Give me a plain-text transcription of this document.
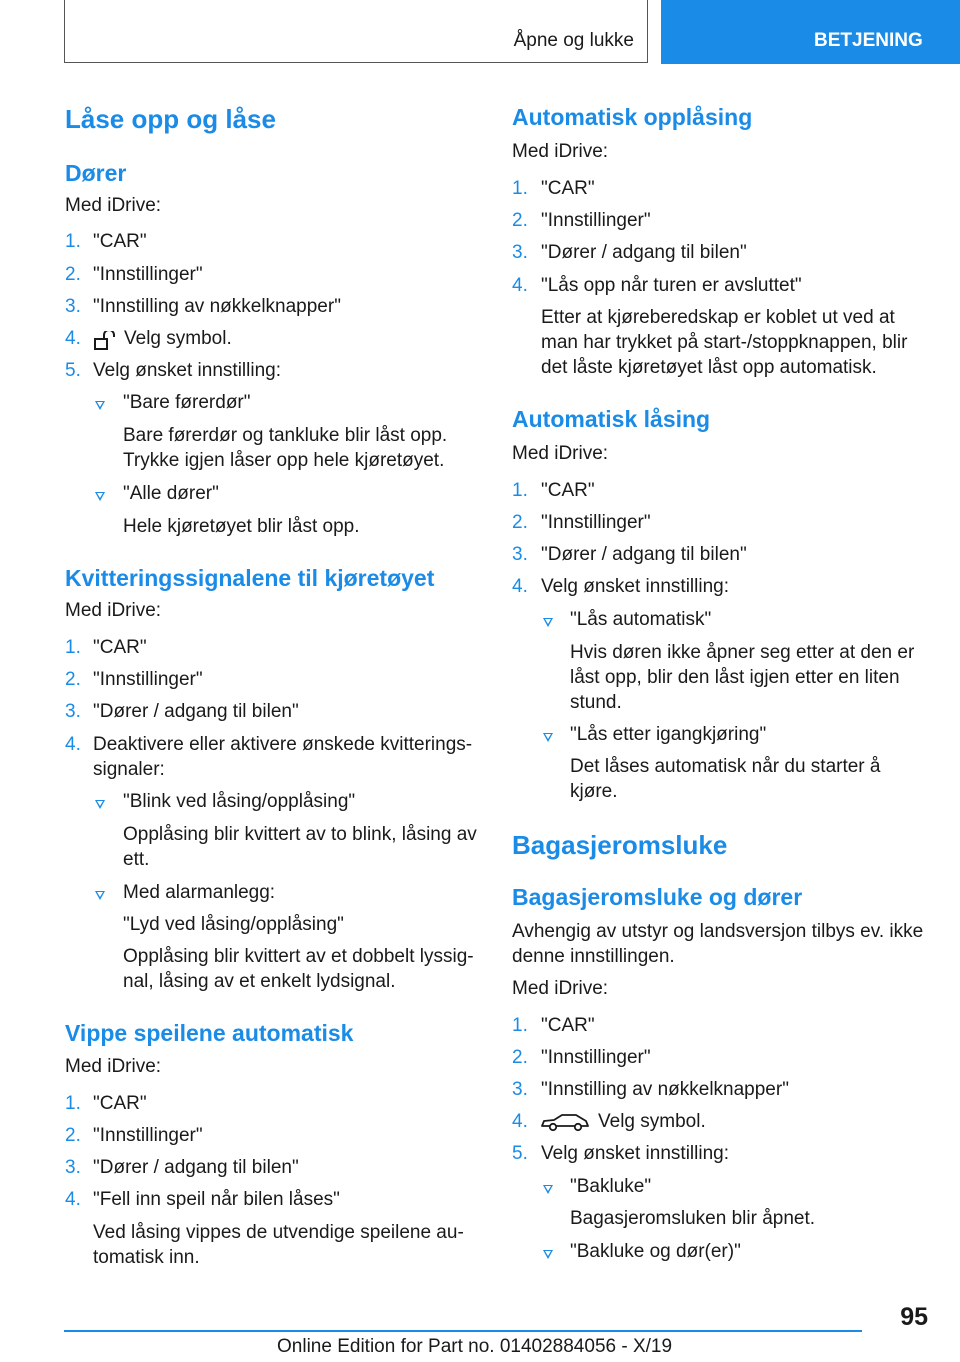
Åpne og lukke	BETJENING
Låse opp og låse
Dører
Med iDrive:
1. "CAR"
2. "Innstillinger"
3. "Innstilling av nøkkelknapper"
4. Velg symbol.
5. Velg ønsket innstilling:
"Bare førerdør"
Bare førerdør og tankluke blir låst opp.
Trykke igjen låser opp hele kjøretøyet.
"Alle dører"
Hele kjøretøyet blir låst opp.
Kvitteringssignalene til kjøretøyet
Med iDrive:
1. "CAR"
2. "Innstillinger"
3. "Dører / adgang til bilen"
4. Deaktivere eller aktivere ønskede kvitterings-
signaler:
"Blink ved låsing/opplåsing"
Opplåsing blir kvittert av to blink, låsing av
ett.
Med alarmanlegg:
"Lyd ved låsing/opplåsing"
Opplåsing blir kvittert av et dobbelt lyssig-
nal, låsing av et enkelt lydsignal.
Vippe speilene automatisk
Med iDrive:
1. "CAR"
2. "Innstillinger"
3. "Dører / adgang til bilen"
4. "Fell inn speil når bilen låses"
Ved låsing vippes de utvendige speilene au-
tomatisk inn.
Automatisk opplåsing
Med iDrive:
1. "CAR"
2. "Innstillinger"
3. "Dører / adgang til bilen"
4. "Lås opp når turen er avsluttet"
Etter at kjøreberedskap er koblet ut ved at
man har trykket på start-/stoppknappen, blir
det låste kjøretøyet låst opp automatisk.
Automatisk låsing
Med iDrive:
1. "CAR"
2. "Innstillinger"
3. "Dører / adgang til bilen"
4. Velg ønsket innstilling:
"Lås automatisk"
Hvis døren ikke åpner seg etter at den er
låst opp, blir den låst igjen etter en liten
stund.
"Lås etter igangkjøring"
Det låses automatisk når du starter å
kjøre.
Bagasjeromsluke
Bagasjeromsluke og dører
Avhengig av utstyr og landsversjon tilbys ev. ikke
denne innstillingen.
Med iDrive:
1. "CAR"
2. "Innstillinger"
3. "Innstilling av nøkkelknapper"
4.	Velg symbol.
5. Velg ønsket innstilling:
"Bakluke"
Bagasjeromsluken blir åpnet.
"Bakluke og dør(er)"
95
Online Edition for Part no. 01402884056 - X/19
